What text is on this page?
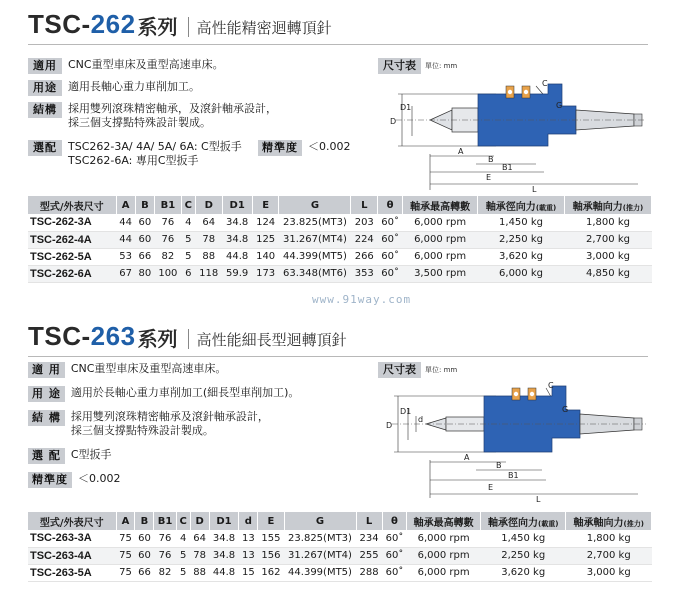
TSC- 262 系列 高性能精密迴轉頂針
適用	CNC重型車床及重型高速車床。
用途	適用長軸心重力車削加工。
結構	採用雙列滾珠精密軸承，及滾針軸承設計，
採三個支撐點特殊設計製成。
選配	TSC262-3A/ 4A/ 5A/ 6A: C型扳手
TSC262-6A: 專用C型扳手
精準度 ＜0.002
尺寸表	單位: mm
D
D1
A
B
B1
E
L
C
G
型式/外表尺寸	A	B	B1	C	D	D1	E	G	L	θ	軸承最高轉數	軸承徑向力(載重)	軸承軸向力(推力)
TSC-262-3A	44	60	76	4	64	34.8	124	23.825(MT3)	203	60˚	6,000 rpm	1,450 kg	1,800 kg
TSC-262-4A	44	60	76	5	78	34.8	125	31.267(MT4)	224	60˚	6,000 rpm	2,250 kg	2,700 kg
TSC-262-5A	53	66	82	5	88	44.8	140	44.399(MT5)	266	60˚	6,000 rpm	3,620 kg	3,000 kg
TSC-262-6A	67	80	100	6	118	59.9	173	63.348(MT6)	353	60˚	3,500 rpm	6,000 kg	4,850 kg
www.91way.com
TSC- 263 系列 高性能細長型迴轉頂針
適 用 CNC重型車床及重型高速車床。
用 途 適用於長軸心重力車削加工(細長型車削加工)。
結 構 採用雙列滾珠精密軸承及滾針軸承設計，
採三個支撐點特殊設計製成。
選 配 C型扳手
精準度 ＜0.002
尺寸表	單位: mm
D
D1
d
A
B
B1
E
L
C
G
型式/外表尺寸	A	B	B1	C	D	D1	d	E	G	L	θ	軸承最高轉數	軸承徑向力(載重)	軸承軸向力(推力)
TSC-263-3A	75	60	76	4	64	34.8	13	155	23.825(MT3)	234	60˚	6,000 rpm	1,450 kg	1,800 kg
TSC-263-4A	75	60	76	5	78	34.8	13	156	31.267(MT4)	255	60˚	6,000 rpm	2,250 kg	2,700 kg
TSC-263-5A	75	66	82	5	88	44.8	15	162	44.399(MT5)	288	60˚	6,000 rpm	3,620 kg	3,000 kg
